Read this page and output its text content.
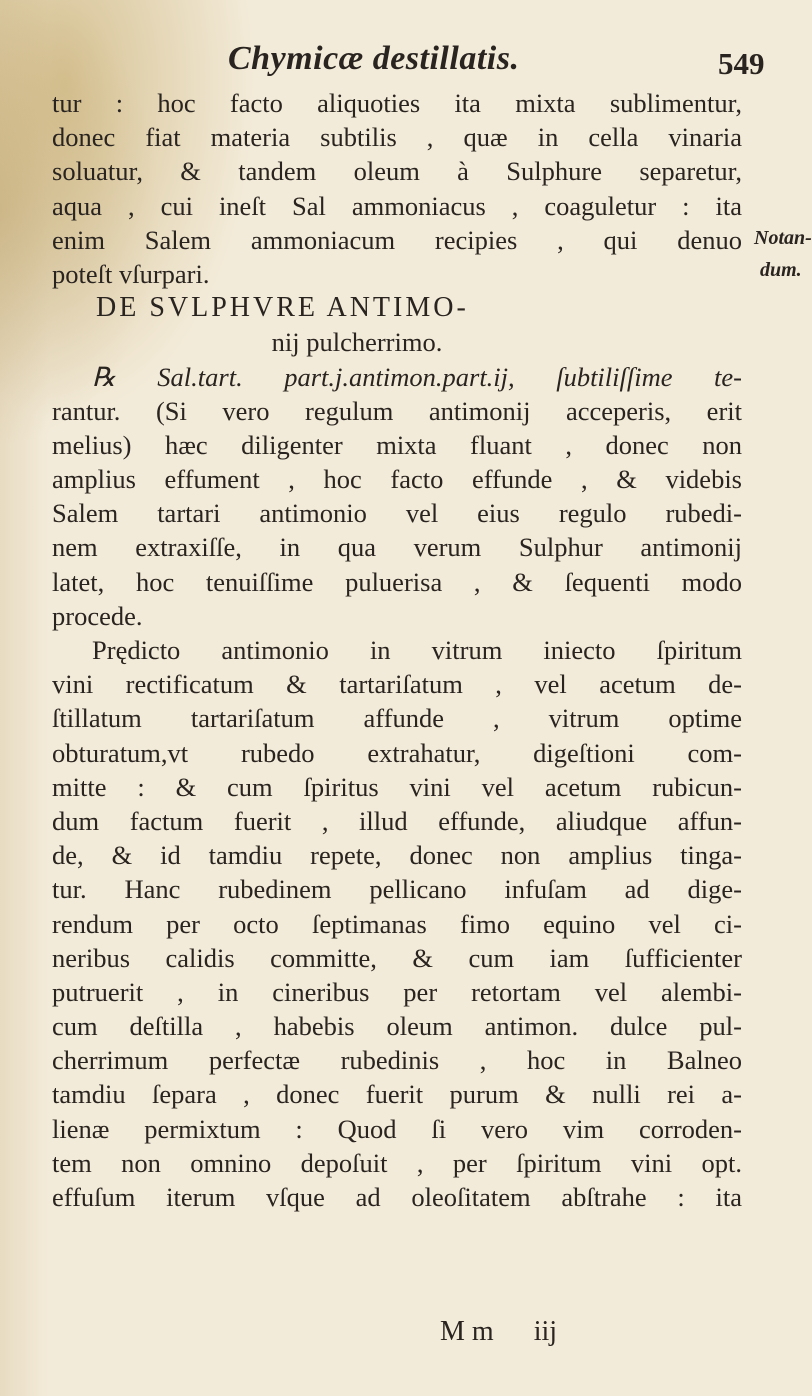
Chymicæ destillatis.	549
tur : hoc facto aliquoties ita mixta sublimentur,
donec fiat materia subtilis , quæ in cella vinaria
soluatur, & tandem oleum à Sulphure separetur,
aqua , cui ineſt Sal ammoniacus , coaguletur : ita
enim Salem ammoniacum recipies , qui denuo
poteſt vſurpari.
DE SVLPHVRE ANTIMO-
nij pulcherrimo.
℞ Sal.tart. part.j.antimon.part.ij, ſubtiliſſime te-
rantur. (Si vero regulum antimonij acceperis, erit
melius) hæc diligenter mixta fluant , donec non
amplius effument , hoc facto effunde , & videbis
Salem tartari antimonio vel eius regulo rubedi-
nem extraxiſſe, in qua verum Sulphur antimonij
latet, hoc tenuiſſime puluerisa , & ſequenti modo
procede.
Prędicto antimonio in vitrum iniecto ſpiritum
vini rectificatum & tartariſatum , vel acetum de-
ſtillatum tartariſatum affunde , vitrum optime
obturatum,vt rubedo extrahatur, digeſtioni com-
mitte : & cum ſpiritus vini vel acetum rubicun-
dum factum fuerit , illud effunde, aliudque affun-
de, & id tamdiu repete, donec non amplius tinga-
tur. Hanc rubedinem pellicano infuſam ad dige-
rendum per octo ſeptimanas fimo equino vel ci-
neribus calidis committe, & cum iam ſufficienter
putruerit , in cineribus per retortam vel alembi-
cum deſtilla , habebis oleum antimon. dulce pul-
cherrimum perfectæ rubedinis , hoc in Balneo
tamdiu ſepara , donec fuerit purum & nulli rei a-
lienæ permixtum : Quod ſi vero vim corroden-
tem non omnino depoſuit , per ſpiritum vini opt.
effuſum iterum vſque ad oleoſitatem abſtrahe : ita
Notan-
dum.
M m iij
